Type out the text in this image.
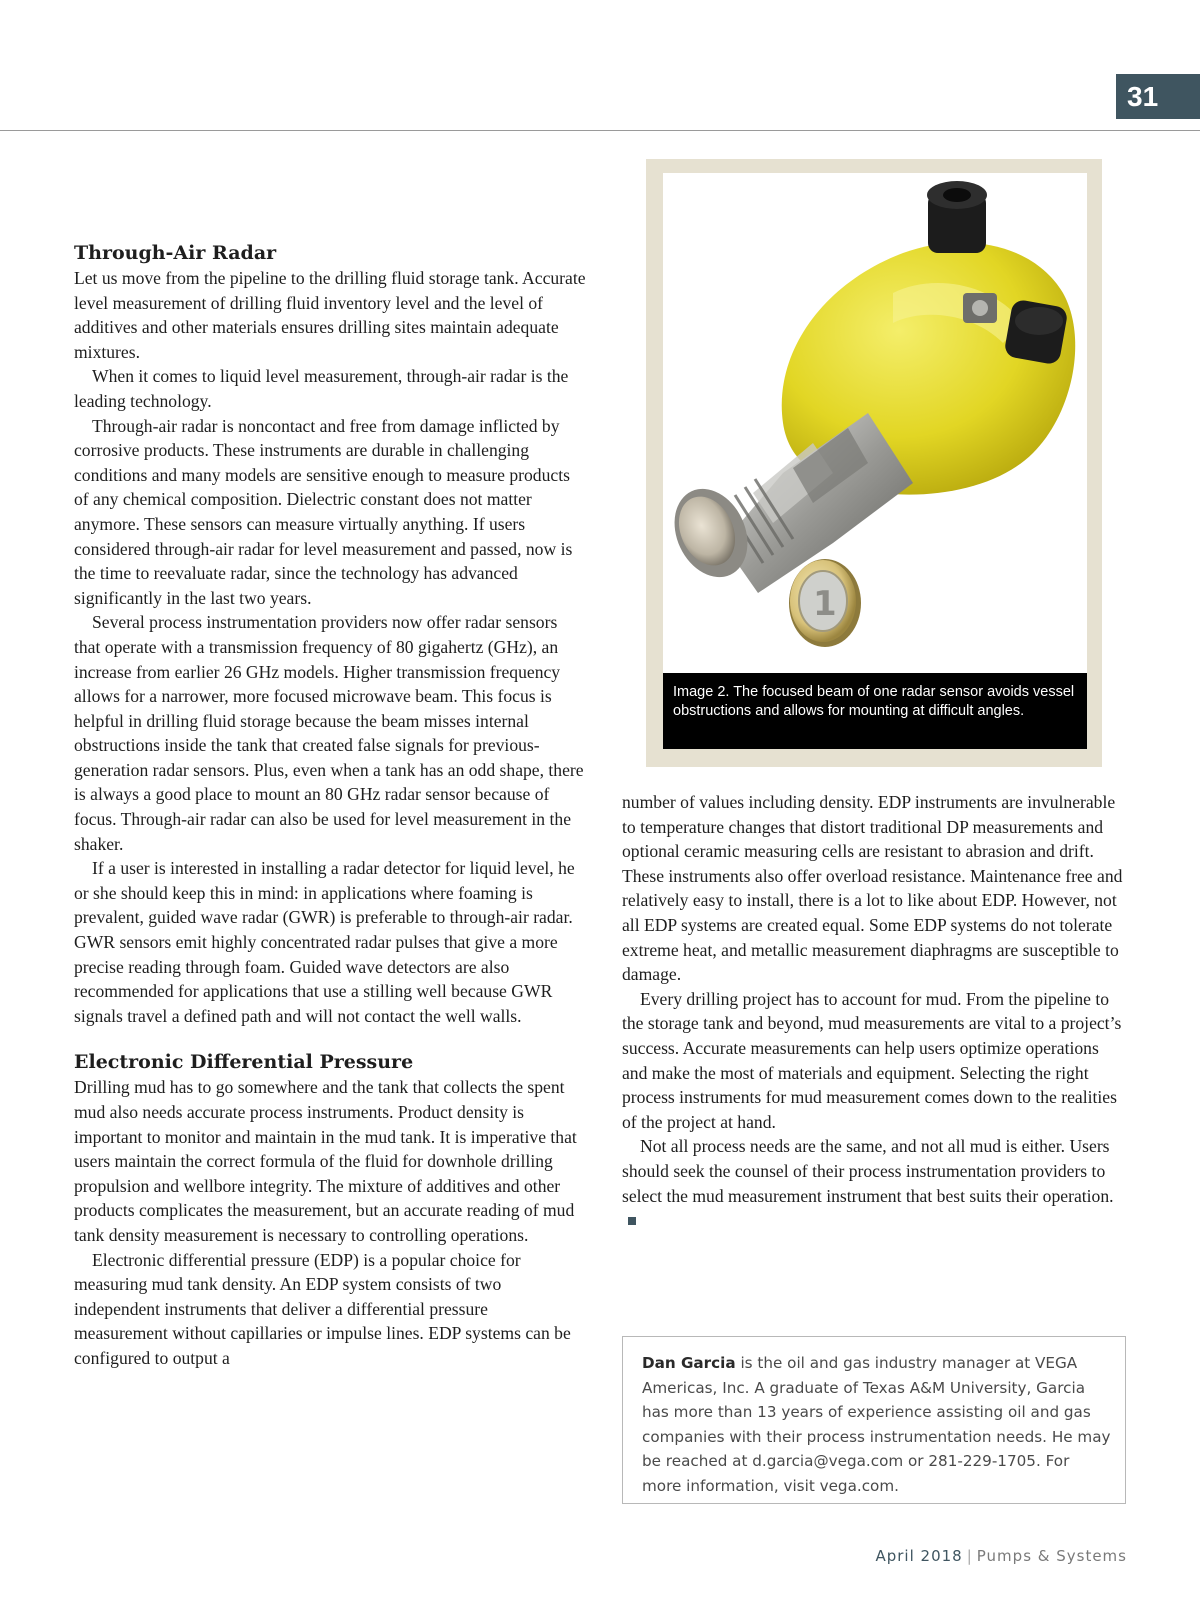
31
Through-Air Radar

Let us move from the pipeline to the drilling fluid storage tank. Accurate level measurement of drilling fluid inventory level and the level of additives and other materials ensures drilling sites maintain adequate mixtures.

When it comes to liquid level measurement, through-air radar is the leading technology.

Through-air radar is noncontact and free from damage inflicted by corrosive products. These instruments are durable in challenging conditions and many models are sensitive enough to measure products of any chemical composition. Dielectric constant does not matter anymore. These sensors can measure virtually anything. If users considered through-air radar for level measurement and passed, now is the time to reevaluate radar, since the technology has advanced significantly in the last two years.

Several process instrumentation providers now offer radar sensors that operate with a transmission frequency of 80 gigahertz (GHz), an increase from earlier 26 GHz models. Higher transmission frequency allows for a narrower, more focused microwave beam. This focus is helpful in drilling fluid storage because the beam misses internal obstructions inside the tank that created false signals for previous-generation radar sensors. Plus, even when a tank has an odd shape, there is always a good place to mount an 80 GHz radar sensor because of focus. Through-air radar can also be used for level measurement in the shaker.

If a user is interested in installing a radar detector for liquid level, he or she should keep this in mind: in applications where foaming is prevalent, guided wave radar (GWR) is preferable to through-air radar. GWR sensors emit highly concentrated radar pulses that give a more precise reading through foam. Guided wave detectors are also recommended for applications that use a stilling well because GWR signals travel a defined path and will not contact the well walls.

Electronic Differential Pressure

Drilling mud has to go somewhere and the tank that collects the spent mud also needs accurate process instruments. Product density is important to monitor and maintain in the mud tank. It is imperative that users maintain the correct formula of the fluid for downhole drilling propulsion and wellbore integrity. The mixture of additives and other products complicates the measurement, but an accurate reading of mud tank density measurement is necessary to controlling operations.

Electronic differential pressure (EDP) is a popular choice for measuring mud tank density. An EDP system consists of two independent instruments that deliver a differential pressure measurement without capillaries or impulse lines. EDP systems can be configured to output a

1
Image 2. The focused beam of one radar sensor avoids vessel obstructions and allows for mounting at difficult angles.

number of values including density. EDP instruments are invulnerable to temperature changes that distort traditional DP measurements and optional ceramic measuring cells are resistant to abrasion and drift. These instruments also offer overload resistance. Maintenance free and relatively easy to install, there is a lot to like about EDP. However, not all EDP systems are created equal. Some EDP systems do not tolerate extreme heat, and metallic measurement diaphragms are susceptible to damage.

Every drilling project has to account for mud. From the pipeline to the storage tank and beyond, mud measurements are vital to a project’s success. Accurate measurements can help users optimize operations and make the most of materials and equipment. Selecting the right process instruments for mud measurement comes down to the realities of the project at hand.

Not all process needs are the same, and not all mud is either. Users should seek the counsel of their process instrumentation providers to select the mud measurement instrument that best suits their operation.

Dan Garcia is the oil and gas industry manager at VEGA Americas, Inc. A graduate of Texas A&M University, Garcia has more than 13 years of experience assisting oil and gas companies with their process instrumentation needs. He may be reached at d.garcia@vega.com or 281-229-1705. For more information, visit vega.com.
April 2018 | Pumps & Systems
